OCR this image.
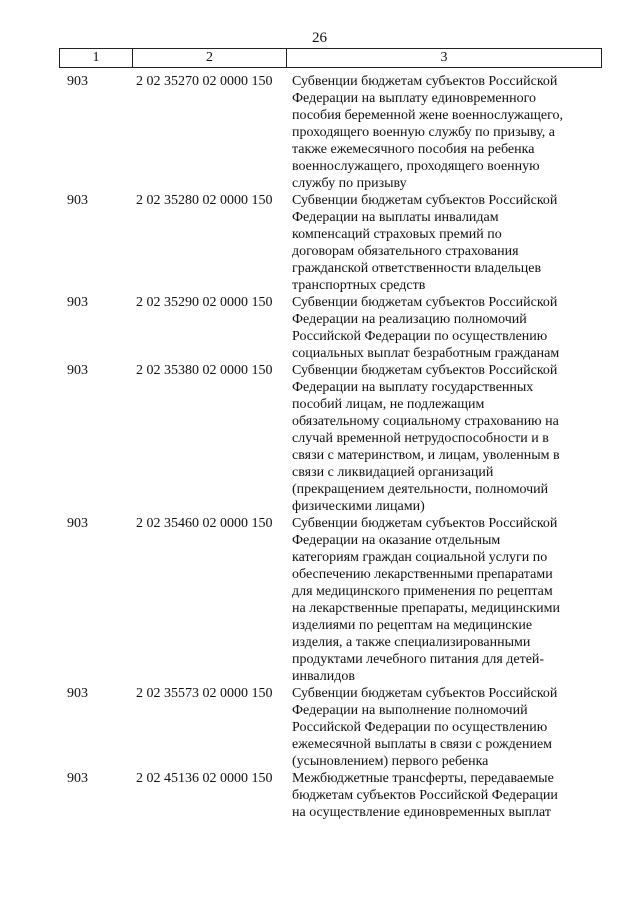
26
1	2	3
903	2 02 35270 02 0000 150 Субвенции бюджетам субъектов Российской
Федерации на выплату единовременного
пособия беременной жене военнослужащего,
проходящего военную службу по призыву, а
также ежемесячного пособия на ребенка
военнослужащего, проходящего военную
службу по призыву
903	2 02 35280 02 0000 150 Субвенции бюджетам субъектов Российской
Федерации на выплаты инвалидам
компенсаций страховых премий по
договорам обязательного страхования
гражданской ответственности владельцев
транспортных средств
903	2 02 35290 02 0000 150 Субвенции бюджетам субъектов Российской
Федерации на реализацию полномочий
Российской Федерации по осуществлению
социальных выплат безработным гражданам
903	2 02 35380 02 0000 150 Субвенции бюджетам субъектов Российской
Федерации на выплату государственных
пособий лицам, не подлежащим
обязательному социальному страхованию на
случай временной нетрудоспособности и в
связи с материнством, и лицам, уволенным в
связи с ликвидацией организаций
(прекращением деятельности, полномочий
физическими лицами)
903	2 02 35460 02 0000 150 Субвенции бюджетам субъектов Российской
Федерации на оказание отдельным
категориям граждан социальной услуги по
обеспечению лекарственными препаратами
для медицинского применения по рецептам
на лекарственные препараты, медицинскими
изделиями по рецептам на медицинские
изделия, а также специализированными
продуктами лечебного питания для детей-
инвалидов
903	2 02 35573 02 0000 150 Субвенции бюджетам субъектов Российской
Федерации на выполнение полномочий
Российской Федерации по осуществлению
ежемесячной выплаты в связи с рождением
(усыновлением) первого ребенка
903	2 02 45136 02 0000 150 Межбюджетные трансферты, передаваемые
бюджетам субъектов Российской Федерации
на осуществление единовременных выплат
